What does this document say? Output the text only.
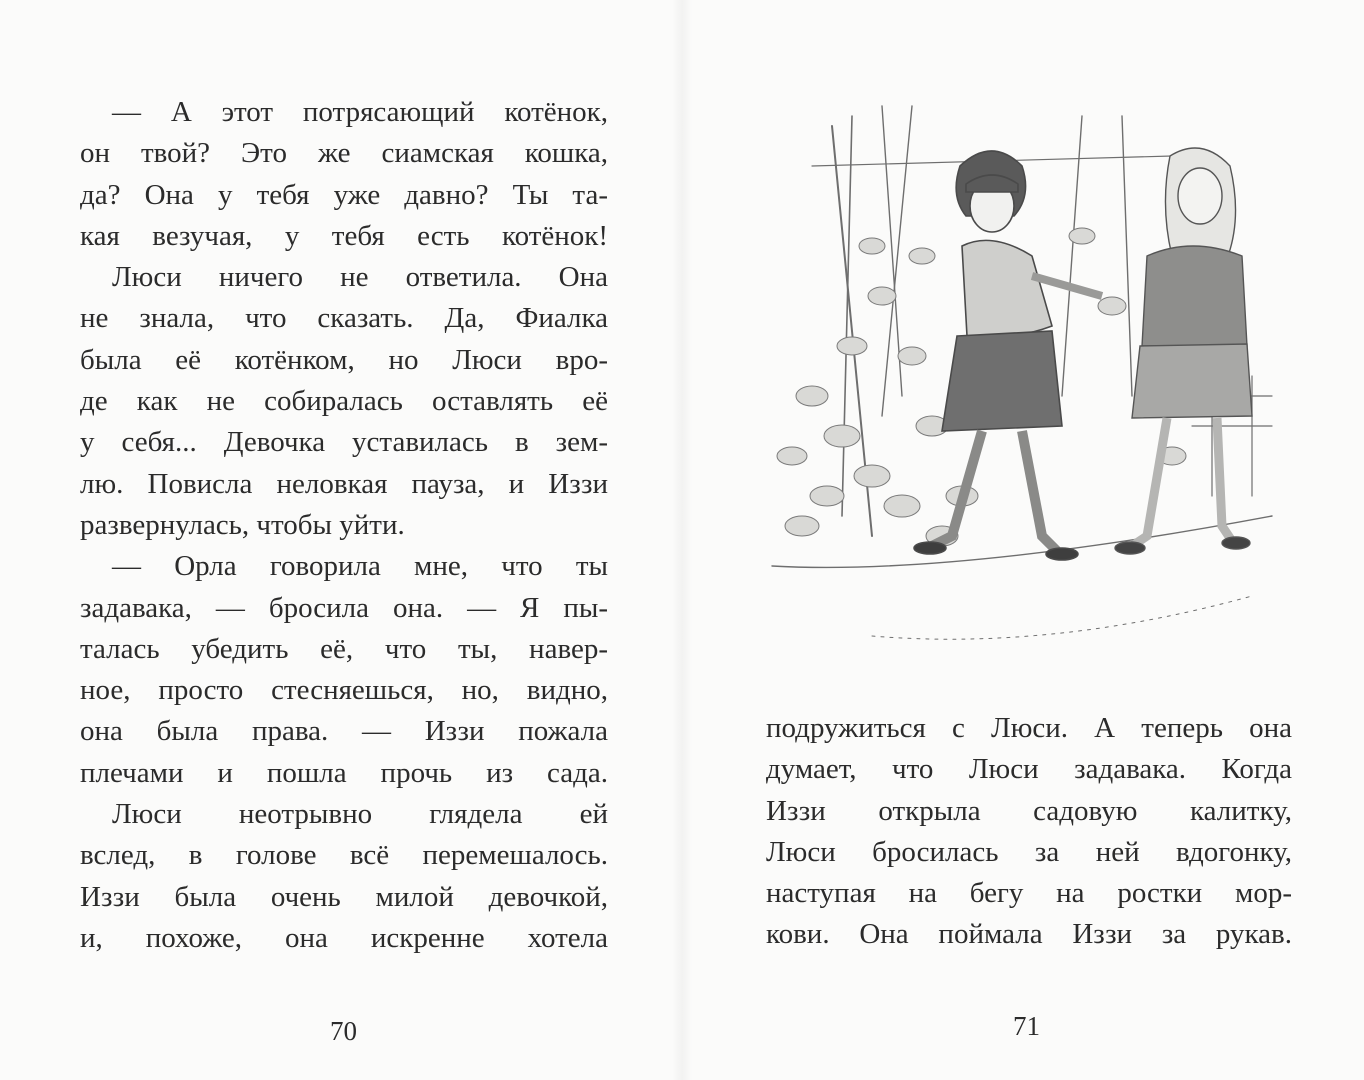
— А этот потрясающий котёнок,
он твой? Это же сиамская кошка,
да? Она у тебя уже давно? Ты та-
кая везучая, у тебя есть котёнок!
Люси ничего не ответила. Она
не знала, что сказать. Да, Фиалка
была её котёнком, но Люси вро-
де как не собиралась оставлять её
у себя... Девочка уставилась в зем-
лю. Повисла неловкая пауза, и Иззи
развернулась, чтобы уйти.
— Орла говорила мне, что ты
задавака, — бросила она. — Я пы-
талась убедить её, что ты, навер-
ное, просто стесняешься, но, видно,
она была права. — Иззи пожала
плечами и пошла прочь из сада.
Люси неотрывно глядела ей
вслед, в голове всё перемешалось.
Иззи была очень милой девочкой,
и, похоже, она искренне хотела
70
подружиться с Люси. А теперь она
думает, что Люси задавака. Когда
Иззи открыла садовую калитку,
Люси бросилась за ней вдогонку,
наступая на бегу на ростки мор-
кови. Она поймала Иззи за рукав.
71
